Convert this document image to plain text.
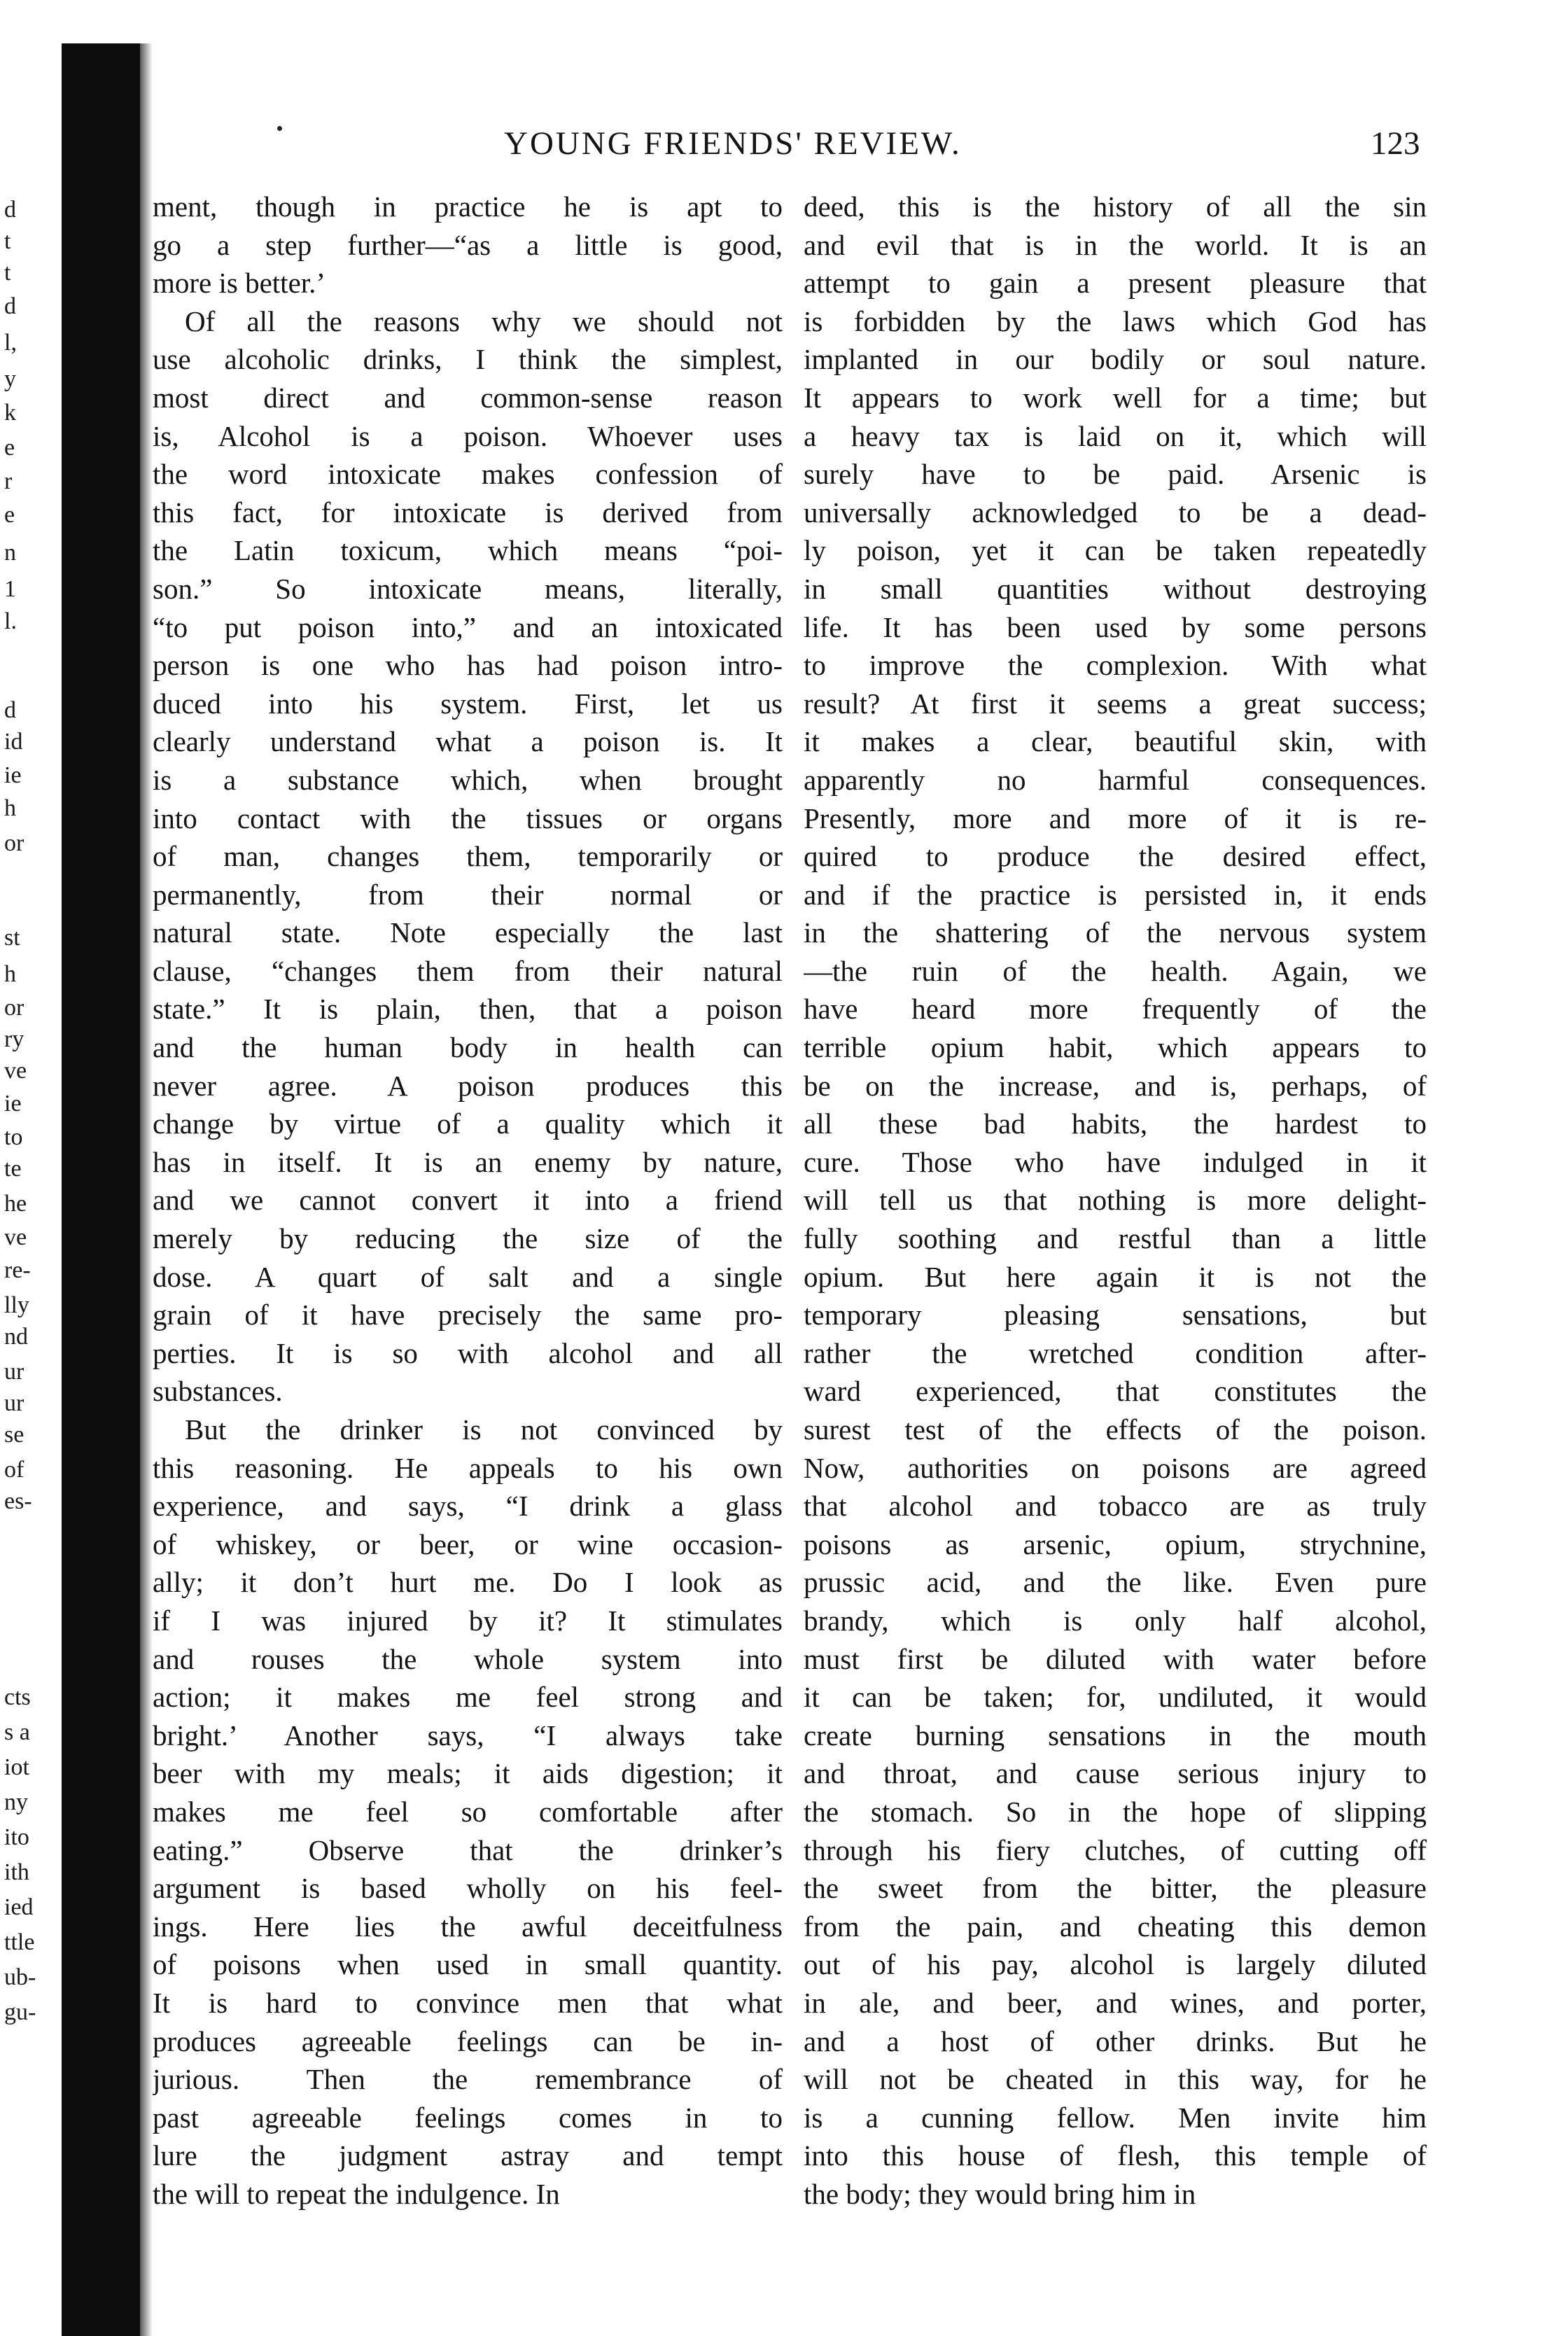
d
t
t
d
l,
y
k
e
r
e
n
1
l.
d
id
ie
h
or
st
h
or
ry
ve
ie
to
te
he
ve
re-
lly
nd
ur
ur
se
of
es-
cts
s a
iot
ny
ito
ith
ied
ttle
ub-
gu-
YOUNG FRIENDS' REVIEW.	123

ment, though in practice he is apt to
go a step further—“as a little is good,
more is better.’

Of all the reasons why we should not
use alcoholic drinks, I think the simplest,
most direct and common-sense reason
is, Alcohol is a poison. Whoever uses
the word intoxicate makes confession of
this fact, for intoxicate is derived from
the Latin toxicum, which means “poi-
son.” So intoxicate means, literally,
“to put poison into,” and an intoxicated
person is one who has had poison intro-
duced into his system. First, let us
clearly understand what a poison is. It
is a substance which, when brought
into contact with the tissues or organs
of man, changes them, temporarily or
permanently, from their normal or
natural state. Note especially the last
clause, “changes them from their natural
state.” It is plain, then, that a poison
and the human body in health can
never agree. A poison produces this
change by virtue of a quality which it
has in itself. It is an enemy by nature,
and we cannot convert it into a friend
merely by reducing the size of the
dose. A quart of salt and a single
grain of it have precisely the same pro-
perties. It is so with alcohol and all
substances.

But the drinker is not convinced by
this reasoning. He appeals to his own
experience, and says, “I drink a glass
of whiskey, or beer, or wine occasion-
ally; it don’t hurt me. Do I look as
if I was injured by it? It stimulates
and rouses the whole system into
action; it makes me feel strong and
bright.’ Another says, “I always take
beer with my meals; it aids digestion; it
makes me feel so comfortable after
eating.” Observe that the drinker’s
argument is based wholly on his feel-
ings. Here lies the awful deceitfulness
of poisons when used in small quantity.
It is hard to convince men that what
produces agreeable feelings can be in-
jurious. Then the remembrance of
past agreeable feelings comes in to
lure the judgment astray and tempt
the will to repeat the indulgence. In

deed, this is the history of all the sin
and evil that is in the world. It is an
attempt to gain a present pleasure that
is forbidden by the laws which God has
implanted in our bodily or soul nature.
It appears to work well for a time; but
a heavy tax is laid on it, which will
surely have to be paid. Arsenic is
universally acknowledged to be a dead-
ly poison, yet it can be taken repeatedly
in small quantities without destroying
life. It has been used by some persons
to improve the complexion. With what
result? At first it seems a great success;
it makes a clear, beautiful skin, with
apparently no harmful consequences.
Presently, more and more of it is re-
quired to produce the desired effect,
and if the practice is persisted in, it ends
in the shattering of the nervous system
—the ruin of the health. Again, we
have heard more frequently of the
terrible opium habit, which appears to
be on the increase, and is, perhaps, of
all these bad habits, the hardest to
cure. Those who have indulged in it
will tell us that nothing is more delight-
fully soothing and restful than a little
opium. But here again it is not the
temporary pleasing sensations, but
rather the wretched condition after-
ward experienced, that constitutes the
surest test of the effects of the poison.
Now, authorities on poisons are agreed
that alcohol and tobacco are as truly
poisons as arsenic, opium, strychnine,
prussic acid, and the like. Even pure
brandy, which is only half alcohol,
must first be diluted with water before
it can be taken; for, undiluted, it would
create burning sensations in the mouth
and throat, and cause serious injury to
the stomach. So in the hope of slipping
through his fiery clutches, of cutting off
the sweet from the bitter, the pleasure
from the pain, and cheating this demon
out of his pay, alcohol is largely diluted
in ale, and beer, and wines, and porter,
and a host of other drinks. But he
will not be cheated in this way, for he
is a cunning fellow. Men invite him
into this house of flesh, this temple of
the body; they would bring him in
